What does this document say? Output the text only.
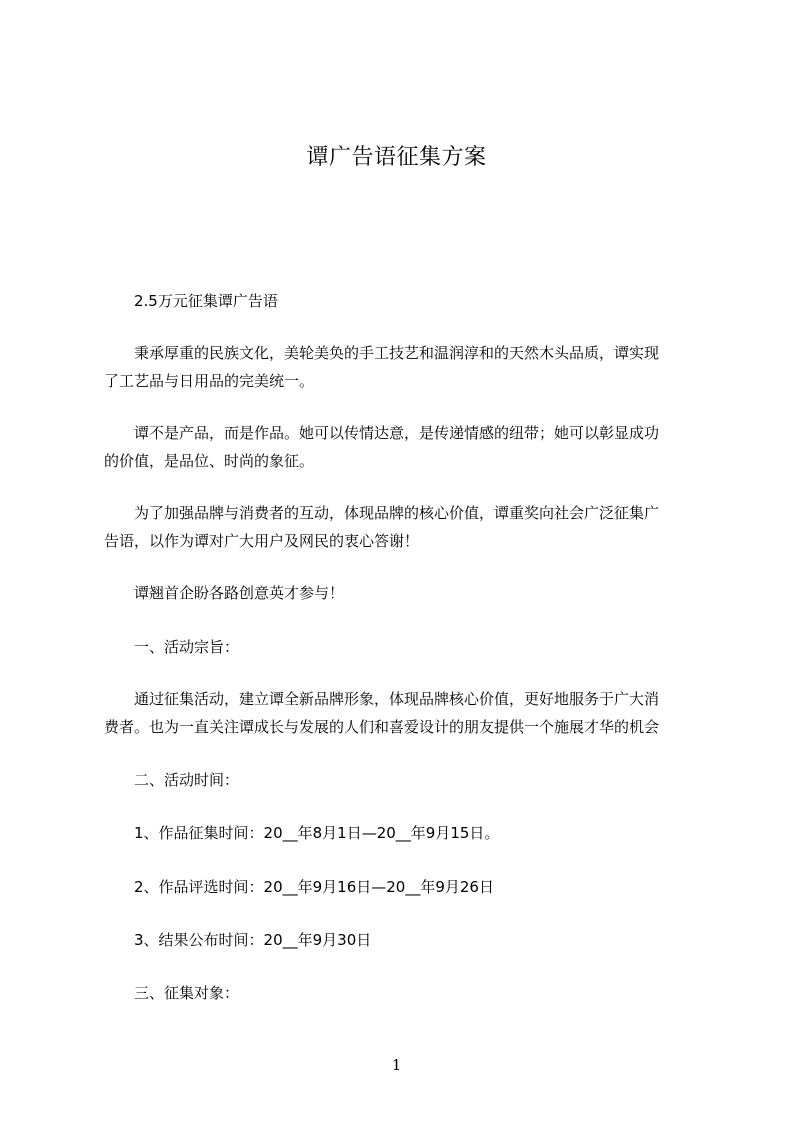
谭广告语征集方案
2.5万元征集谭广告语
秉承厚重的民族文化，美轮美奂的手工技艺和温润淳和的天然木头品质，谭实现
了工艺品与日用品的完美统一。
谭不是产品，而是作品。她可以传情达意，是传递情感的纽带；她可以彰显成功
的价值，是品位、时尚的象征。
为了加强品牌与消费者的互动，体现品牌的核心价值，谭重奖向社会广泛征集广
告语，以作为谭对广大用户及网民的衷心答谢！
谭翘首企盼各路创意英才参与！
一、活动宗旨：
通过征集活动，建立谭全新品牌形象，体现品牌核心价值，更好地服务于广大消
费者。也为一直关注谭成长与发展的人们和喜爱设计的朋友提供一个施展才华的机会
二、活动时间：
1、作品征集时间：20__年8月1日—20__年9月15日。
2、作品评选时间：20__年9月16日—20__年9月26日
3、结果公布时间：20__年9月30日
三、征集对象：
1
